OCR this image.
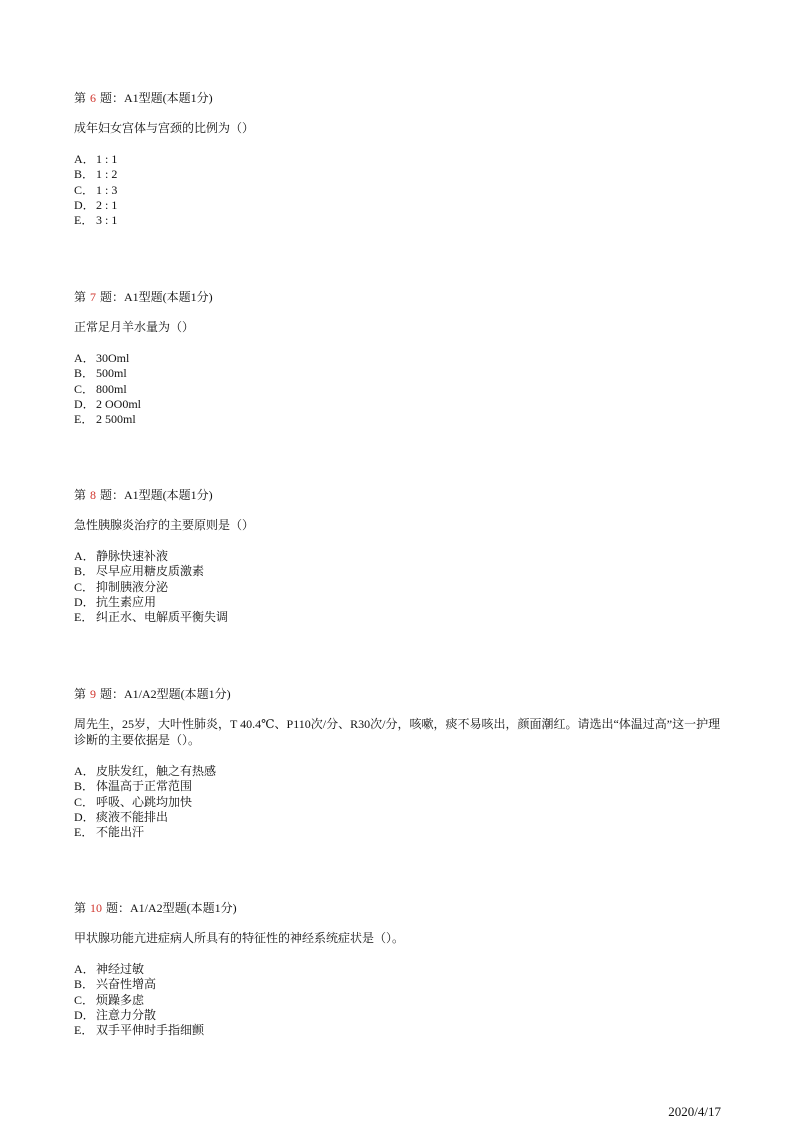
第 6 题：A1型题(本题1分)
成年妇女宫体与宫颈的比例为（）
A．1 : 1
B． 1 : 2
C． 1 : 3
D．2 : 1
E． 3 : 1
第 7 题：A1型题(本题1分)
正常足月羊水量为（）
A．30Oml
B． 500ml
C． 800ml
D．2 OO0ml
E． 2 500ml
第 8 题：A1型题(本题1分)
急性胰腺炎治疗的主要原则是（）
A．静脉快速补液
B． 尽早应用糖皮质激素
C． 抑制胰液分泌
D．抗生素应用
E． 纠正水、电解质平衡失调
第 9 题：A1/A2型题(本题1分)
周先生，25岁，大叶性肺炎，T 40.4℃、P110次/分、R30次/分，咳嗽，痰不易咳出，颜面潮红。请选出“体温过高”这一护理诊断的主要依据是（）。
A．皮肤发红，触之有热感
B． 体温高于正常范围
C． 呼吸、心跳均加快
D．痰液不能排出
E． 不能出汗
第 10 题：A1/A2型题(本题1分)
甲状腺功能亢进症病人所具有的特征性的神经系统症状是（）。
A．神经过敏
B． 兴奋性增高
C． 烦躁多虑
D．注意力分散
E． 双手平伸时手指细颤
2020/4/17
